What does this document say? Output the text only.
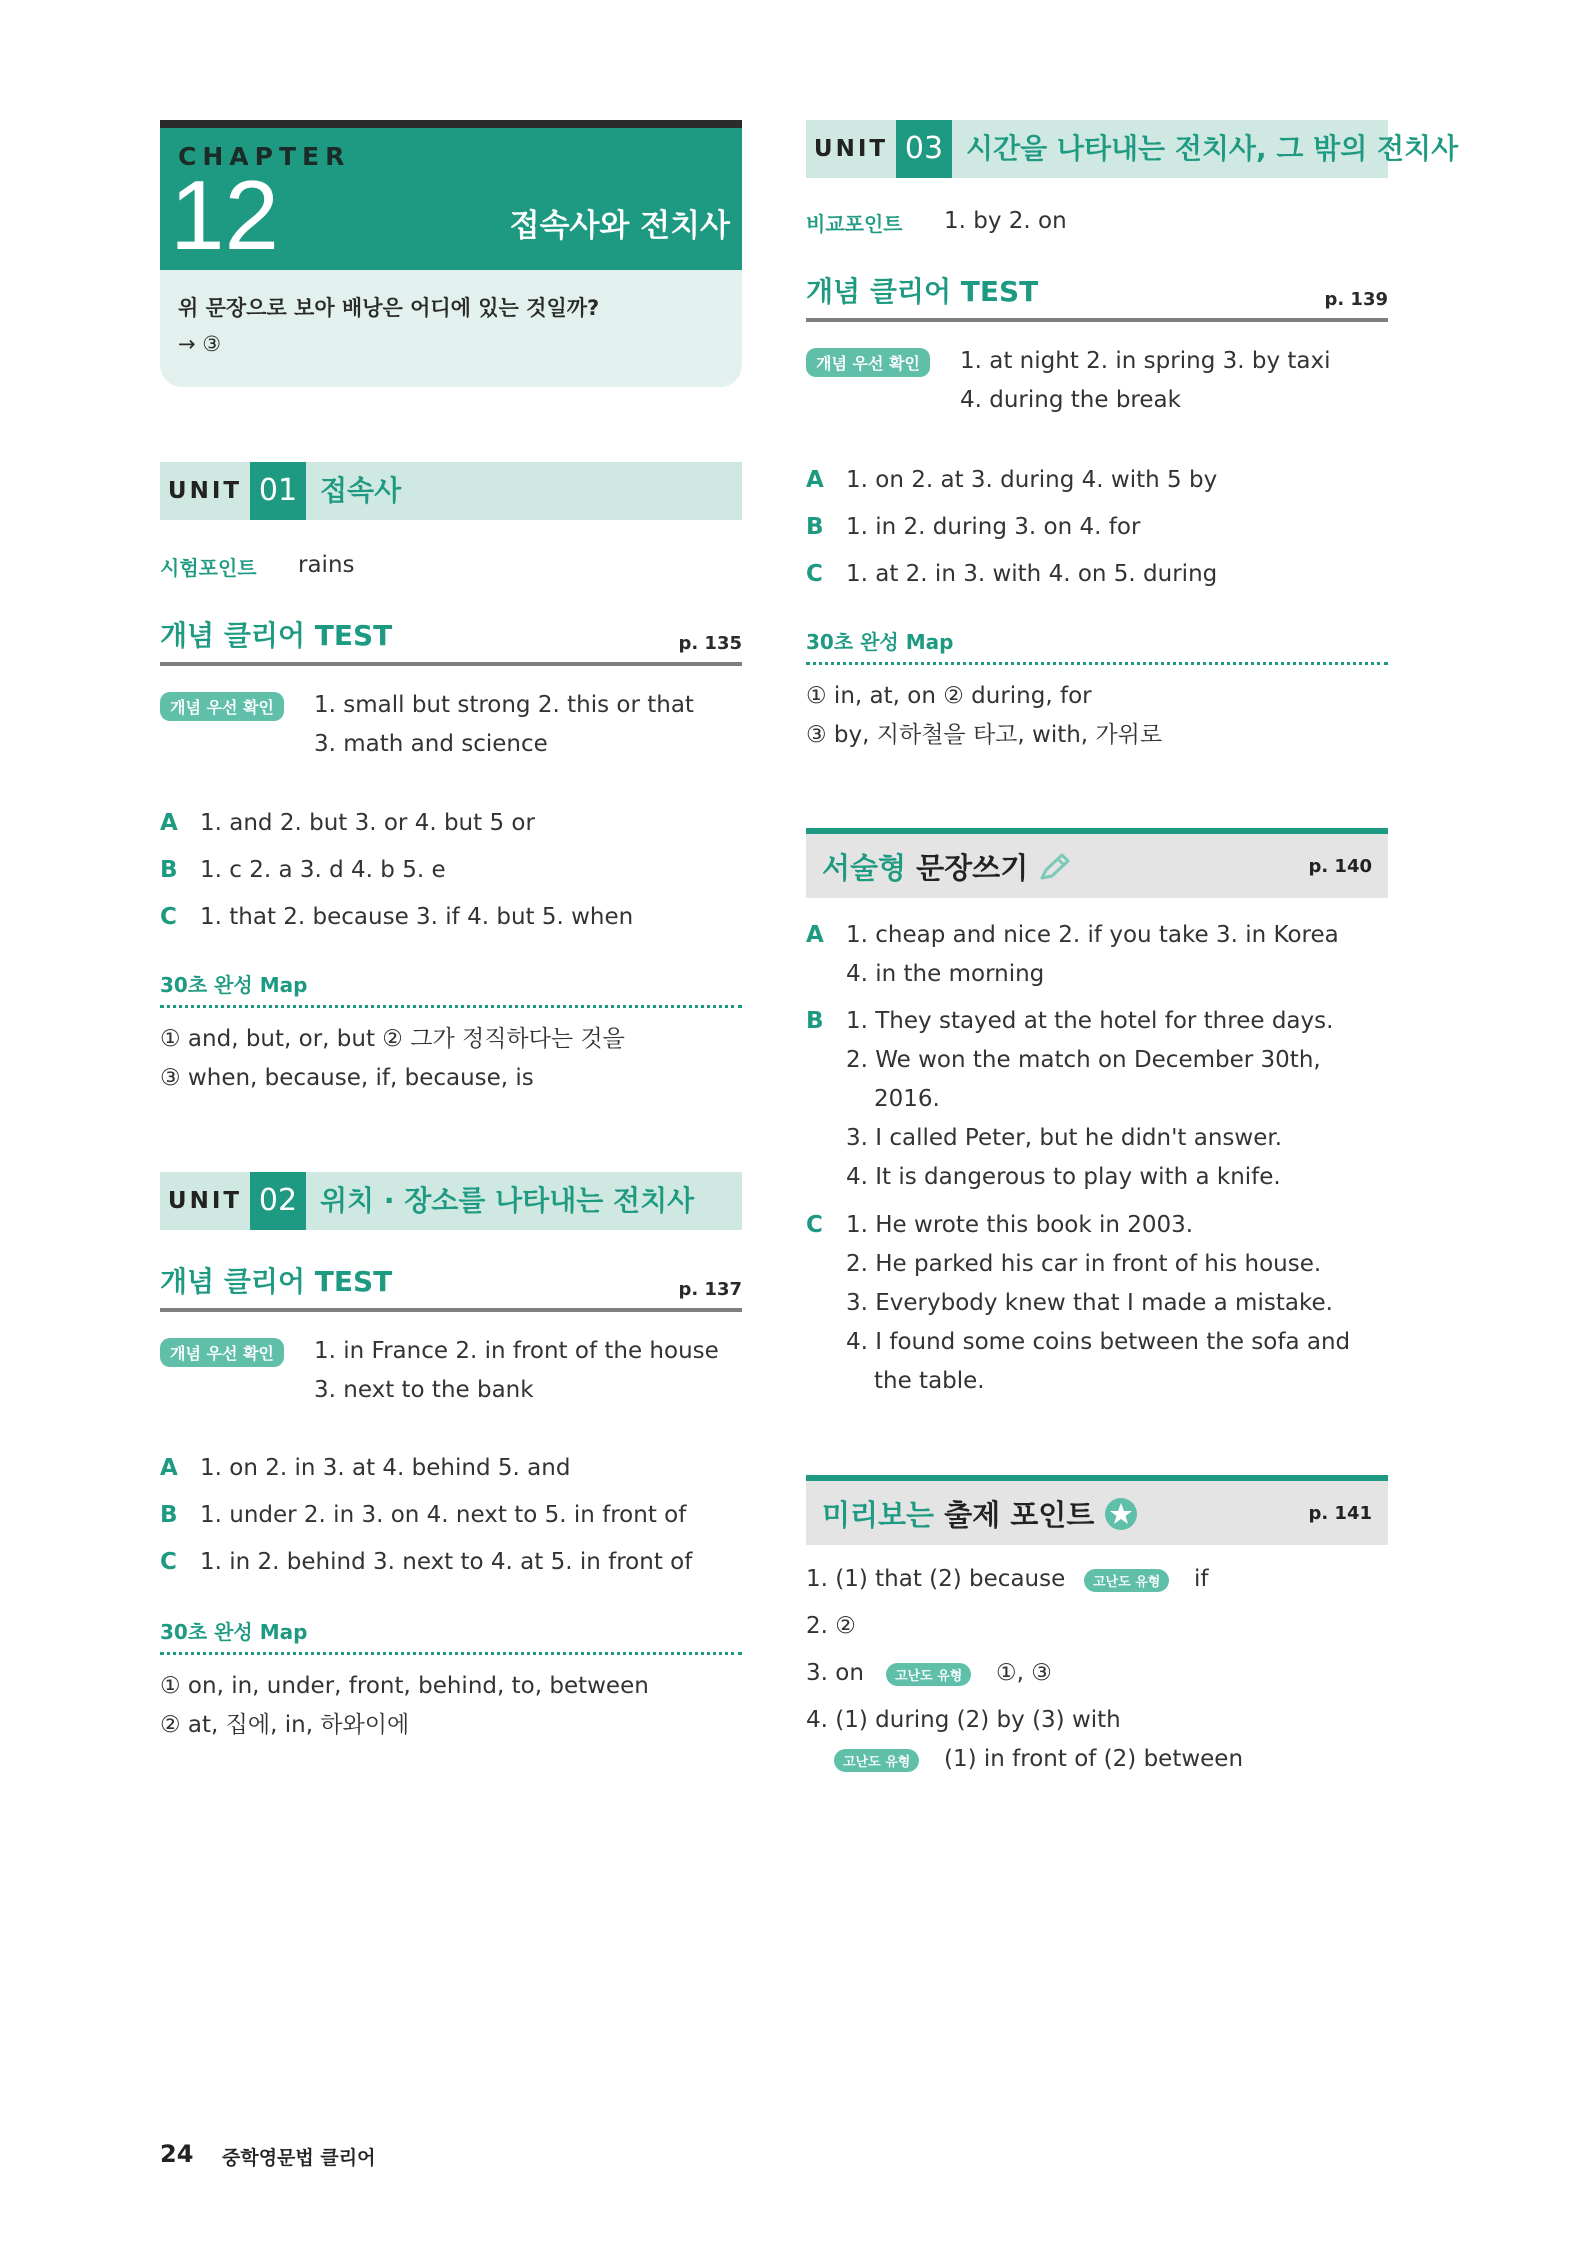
CHAPTER
12	접속사와 전치사
위 문장으로 보아 배낭은 어디에 있는 것일까?
→ ③
UNIT 01 접속사
시험포인트 rains
개념 클리어 TEST	p. 135
개념 우선 확인	1. small but strong 2. this or that
3. math and science
A 1. and 2. but 3. or 4. but 5 or
B 1. c 2. a 3. d 4. b 5. e
C 1. that 2. because 3. if 4. but 5. when
30초 완성 Map
① and, but, or, but ② 그가 정직하다는 것을
③ when, because, if, because, is
UNIT 02 위치 · 장소를 나타내는 전치사
개념 클리어 TEST	p. 137
개념 우선 확인	1. in France 2. in front of the house
3. next to the bank
A 1. on 2. in 3. at 4. behind 5. and
B 1. under 2. in 3. on 4. next to 5. in front of
C 1. in 2. behind 3. next to 4. at 5. in front of
30초 완성 Map
① on, in, under, front, behind, to, between
② at, 집에, in, 하와이에
UNIT 03 시간을 나타내는 전치사, 그 밖의 전치사
비교포인트 1. by 2. on
개념 클리어 TEST	p. 139
개념 우선 확인	1. at night 2. in spring 3. by taxi
4. during the break
A 1. on 2. at 3. during 4. with 5 by
B 1. in 2. during 3. on 4. for
C 1. at 2. in 3. with 4. on 5. during
30초 완성 Map
① in, at, on ② during, for
③ by, 지하철을 타고, with, 가위로
서술형 문장쓰기	p. 140
A 1. cheap and nice 2. if you take 3. in Korea
4. in the morning
B 1. They stayed at the hotel for three days.
2. We won the match on December 30th,
2016.
3. I called Peter, but he didn't answer.
4. It is dangerous to play with a knife.
C 1. He wrote this book in 2003.
2. He parked his car in front of his house.
3. Everybody knew that I made a mistake.
4. I found some coins between the sofa and
the table.
미리보는 출제 포인트	p. 141
1. (1) that (2) because	고난도 유형	if
2. ②
3. on	고난도 유형	①, ③
4. (1) during (2) by (3) with
고난도 유형	(1) in front of (2) between
24 중학영문법 클리어
